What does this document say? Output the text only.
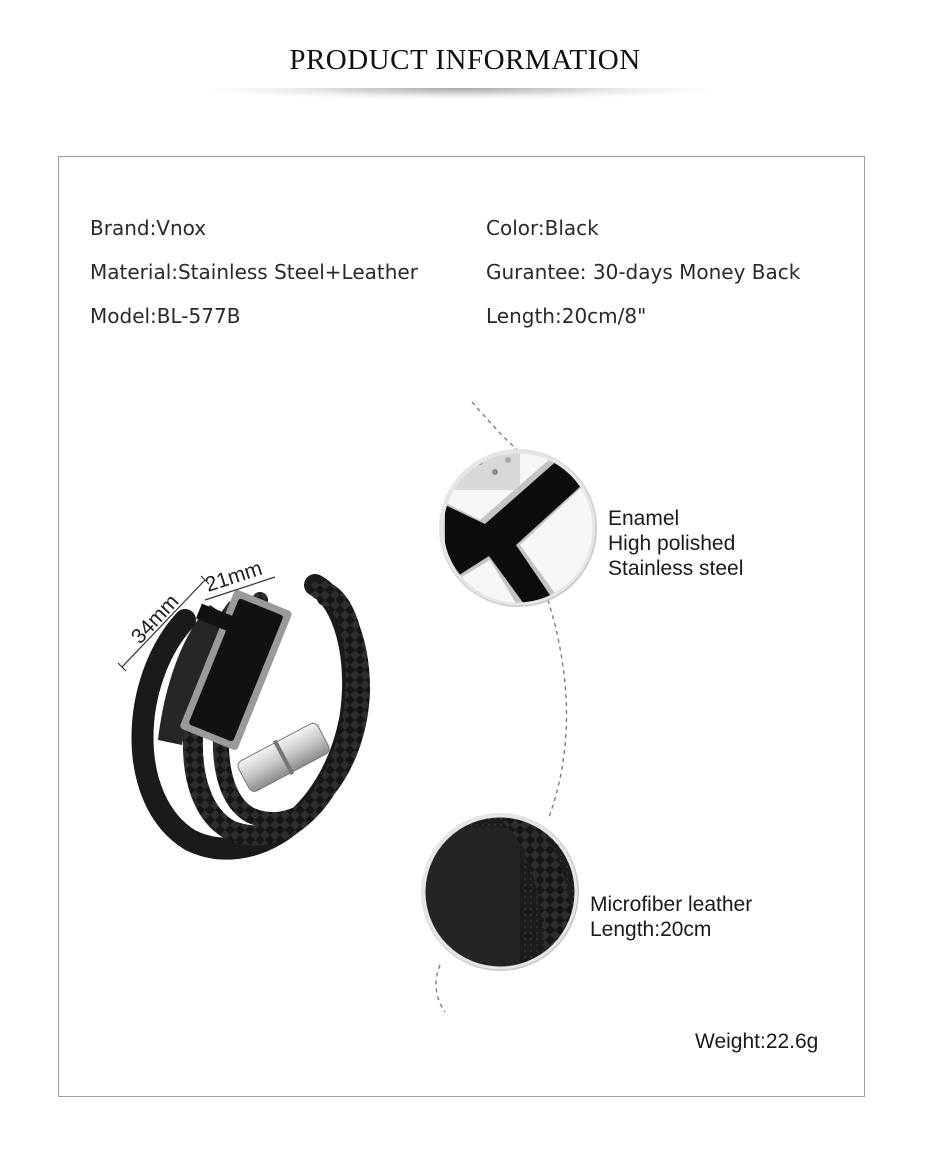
PRODUCT INFORMATION
Brand:Vnox
Material:Stainless Steel+Leather
Model:BL-577B
Color:Black
Gurantee: 30-days Money Back
Length:20cm/8"
34mm
21mm
Enamel
High polished
Stainless steel
Microfiber leather
Length:20cm
Weight:22.6g
